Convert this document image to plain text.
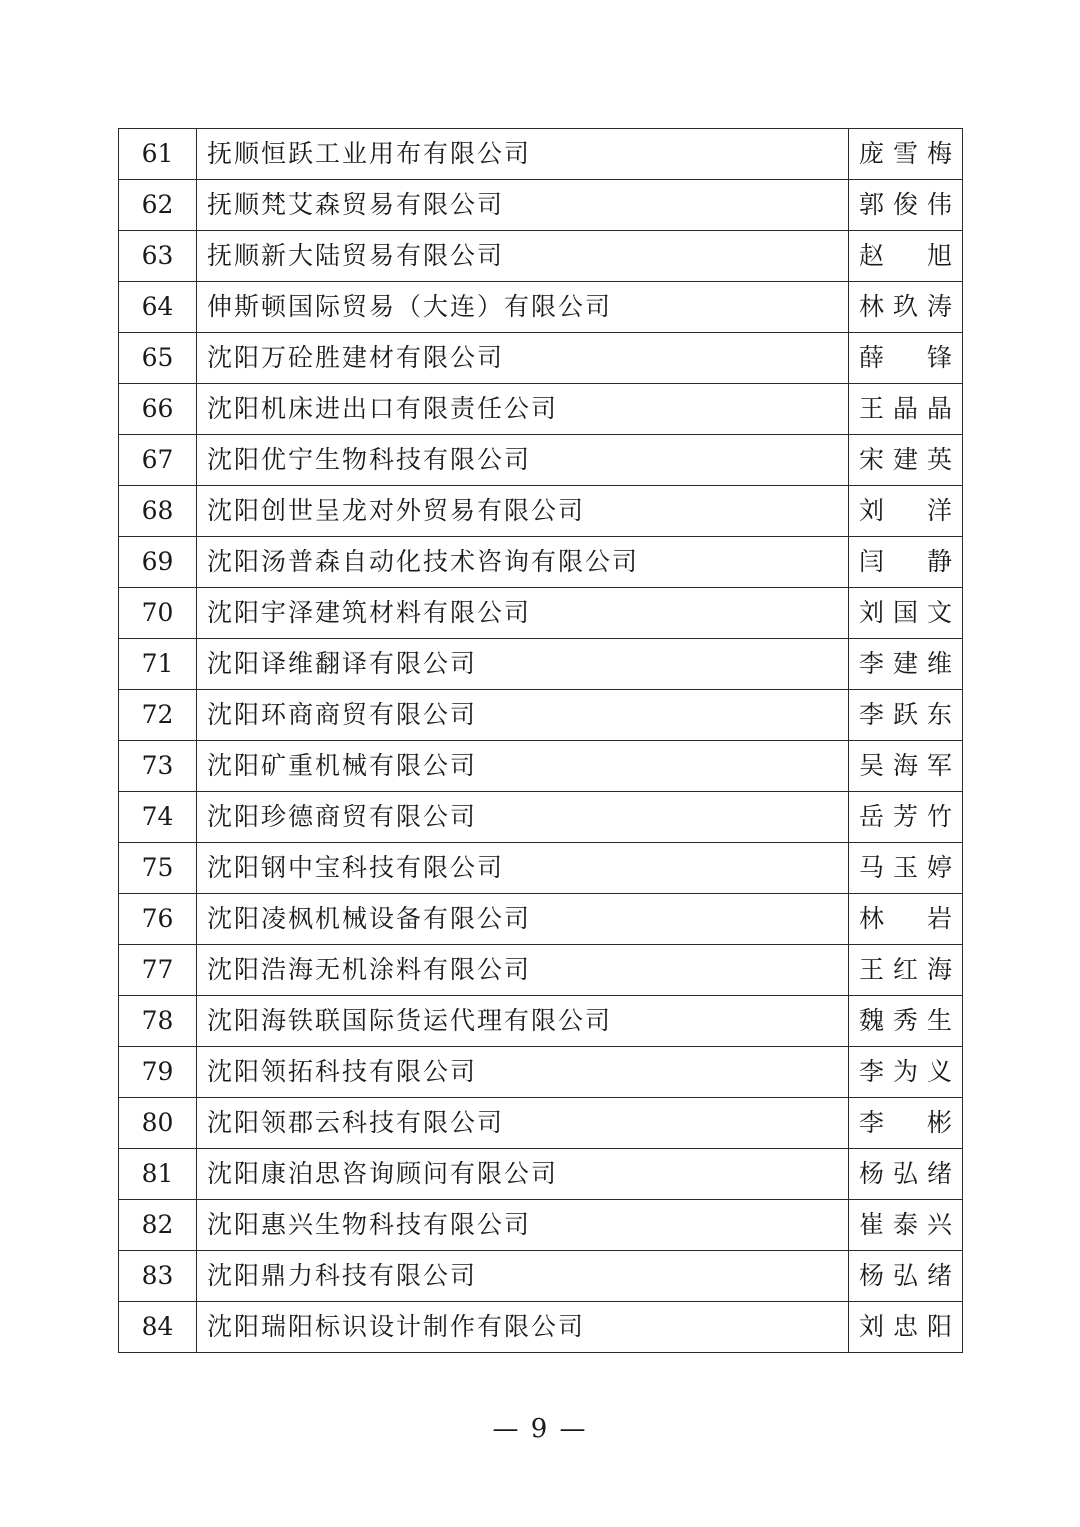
61	抚顺恒跃工业用布有限公司	庞雪梅
62	抚顺梵艾森贸易有限公司	郭俊伟
63	抚顺新大陆贸易有限公司	赵 旭
64	伸斯顿国际贸易（大连）有限公司	林玖涛
65	沈阳万砼胜建材有限公司	薛 锋
66	沈阳机床进出口有限责任公司	王晶晶
67	沈阳优宁生物科技有限公司	宋建英
68	沈阳创世呈龙对外贸易有限公司	刘 洋
69	沈阳汤普森自动化技术咨询有限公司	闫 静
70	沈阳宇泽建筑材料有限公司	刘国文
71	沈阳译维翻译有限公司	李建维
72	沈阳环商商贸有限公司	李跃东
73	沈阳矿重机械有限公司	吴海军
74	沈阳珍德商贸有限公司	岳芳竹
75	沈阳钢中宝科技有限公司	马玉婷
76	沈阳凌枫机械设备有限公司	林 岩
77	沈阳浩海无机涂料有限公司	王红海
78	沈阳海铁联国际货运代理有限公司	魏秀生
79	沈阳领拓科技有限公司	李为义
80	沈阳领郡云科技有限公司	李 彬
81	沈阳康泊思咨询顾问有限公司	杨弘绪
82	沈阳惠兴生物科技有限公司	崔泰兴
83	沈阳鼎力科技有限公司	杨弘绪
84	沈阳瑞阳标识设计制作有限公司	刘忠阳
— 9 —
